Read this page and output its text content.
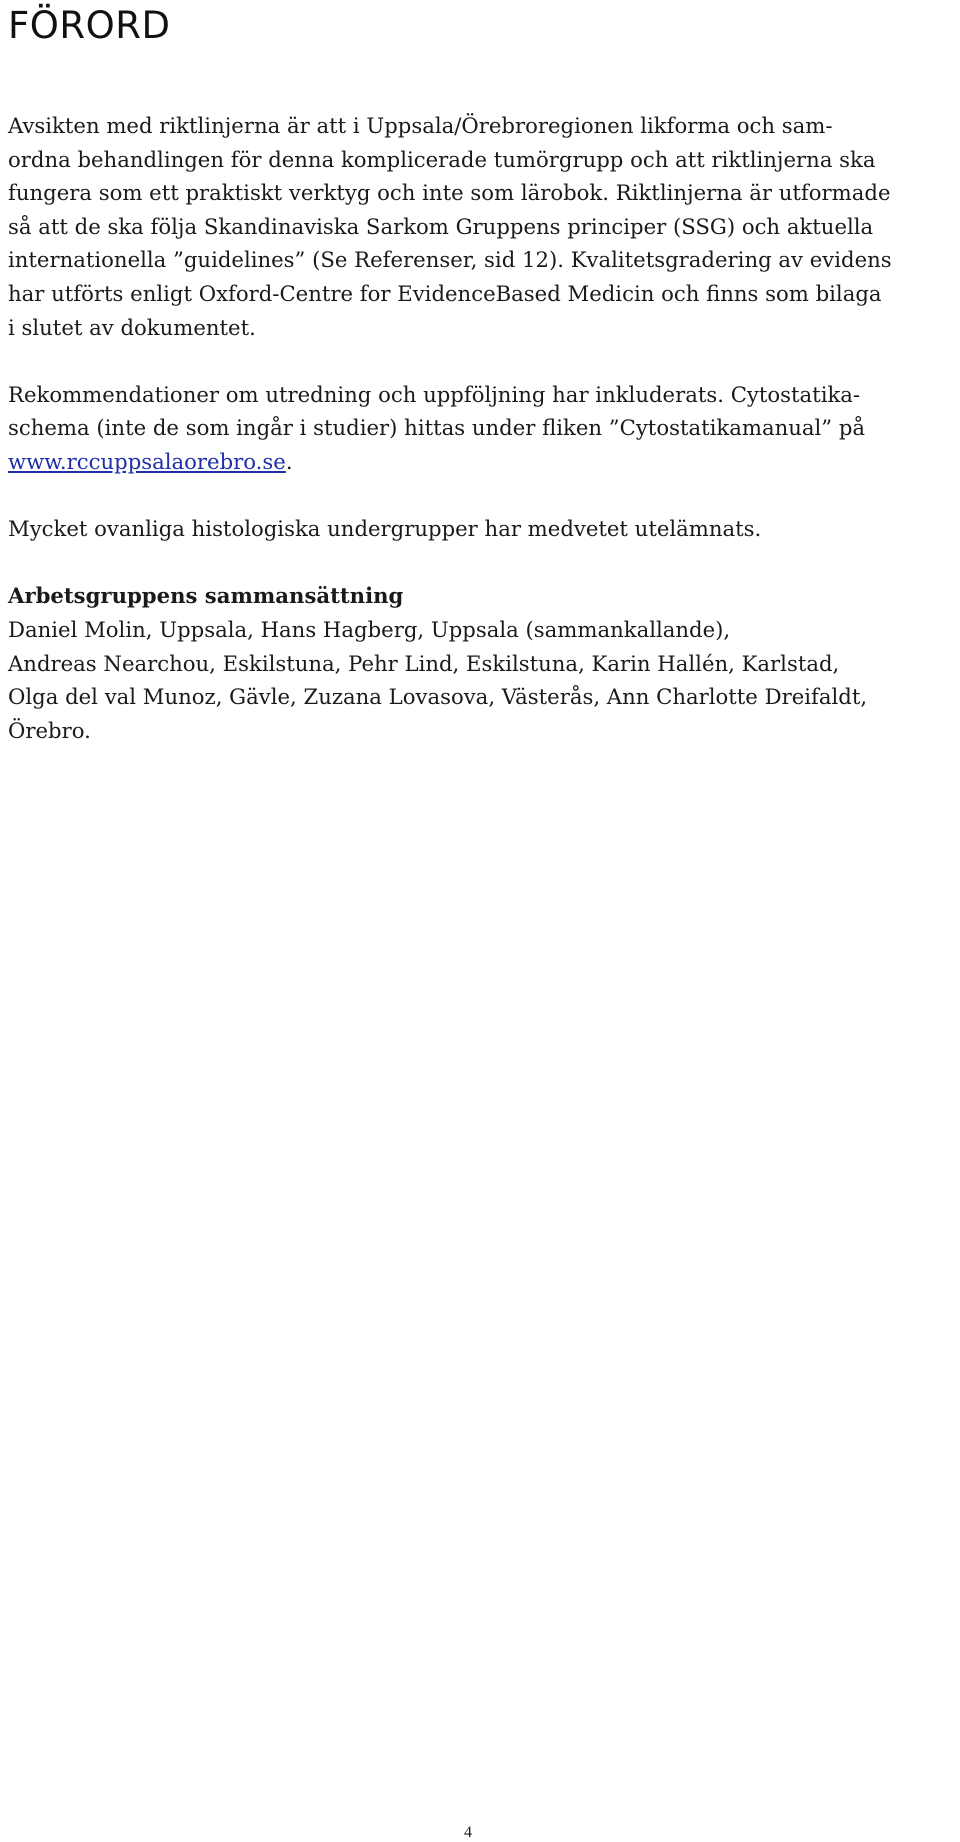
FÖRORD

Avsikten med riktlinjerna är att i Uppsala/Örebroregionen likforma och sam-
ordna behandlingen för denna komplicerade tumörgrupp och att riktlinjerna ska
fungera som ett praktiskt verktyg och inte som lärobok. Riktlinjerna är utformade
så att de ska följa Skandinaviska Sarkom Gruppens principer (SSG) och aktuella
internationella ”guidelines” (Se Referenser, sid 12). Kvalitetsgradering av evidens
har utförts enligt Oxford-Centre for EvidenceBased Medicin och finns som bilaga
i slutet av dokumentet.

Rekommendationer om utredning och uppföljning har inkluderats. Cytostatika-
schema (inte de som ingår i studier) hittas under fliken ”Cytostatikamanual” på
www.rccuppsalaorebro.se.

Mycket ovanliga histologiska undergrupper har medvetet utelämnats.

Arbetsgruppens sammansättning
Daniel Molin, Uppsala, Hans Hagberg, Uppsala (sammankallande),
Andreas Nearchou, Eskilstuna, Pehr Lind, Eskilstuna, Karin Hallén, Karlstad,
Olga del val Munoz, Gävle, Zuzana Lovasova, Västerås, Ann Charlotte Dreifaldt,
Örebro.

4
